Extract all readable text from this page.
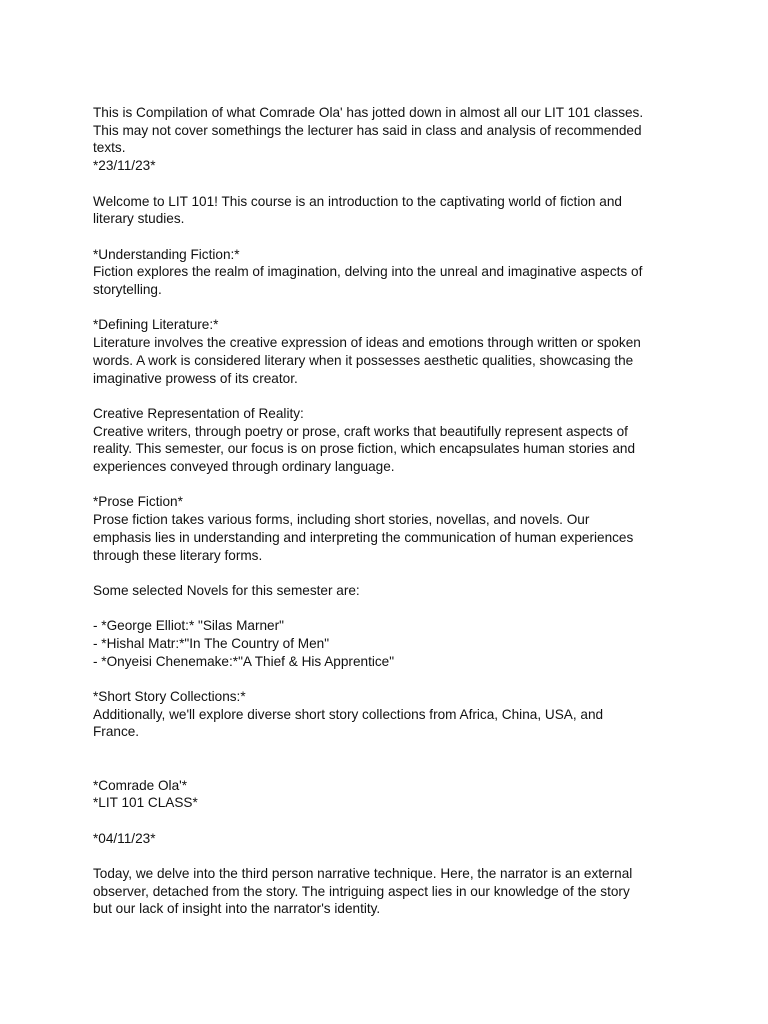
This is Compilation of what Comrade Ola' has jotted down in almost all our LIT 101 classes.
This may not cover somethings the lecturer has said in class and analysis of recommended
texts.
*23/11/23*

Welcome to LIT 101! This course is an introduction to the captivating world of fiction and
literary studies.

*Understanding Fiction:*
Fiction explores the realm of imagination, delving into the unreal and imaginative aspects of
storytelling.

*Defining Literature:*
Literature involves the creative expression of ideas and emotions through written or spoken
words. A work is considered literary when it possesses aesthetic qualities, showcasing the
imaginative prowess of its creator.

Creative Representation of Reality:
Creative writers, through poetry or prose, craft works that beautifully represent aspects of
reality. This semester, our focus is on prose fiction, which encapsulates human stories and
experiences conveyed through ordinary language.

*Prose Fiction*
Prose fiction takes various forms, including short stories, novellas, and novels. Our
emphasis lies in understanding and interpreting the communication of human experiences
through these literary forms.

Some selected Novels for this semester are:

- *George Elliot:* "Silas Marner"
- *Hishal Matr:*"In The Country of Men"
- *Onyeisi Chenemake:*"A Thief & His Apprentice"

*Short Story Collections:*
Additionally, we'll explore diverse short story collections from Africa, China, USA, and
France.

*Comrade Ola'*
*LIT 101 CLASS*

*04/11/23*

Today, we delve into the third person narrative technique. Here, the narrator is an external
observer, detached from the story. The intriguing aspect lies in our knowledge of the story
but our lack of insight into the narrator's identity.
